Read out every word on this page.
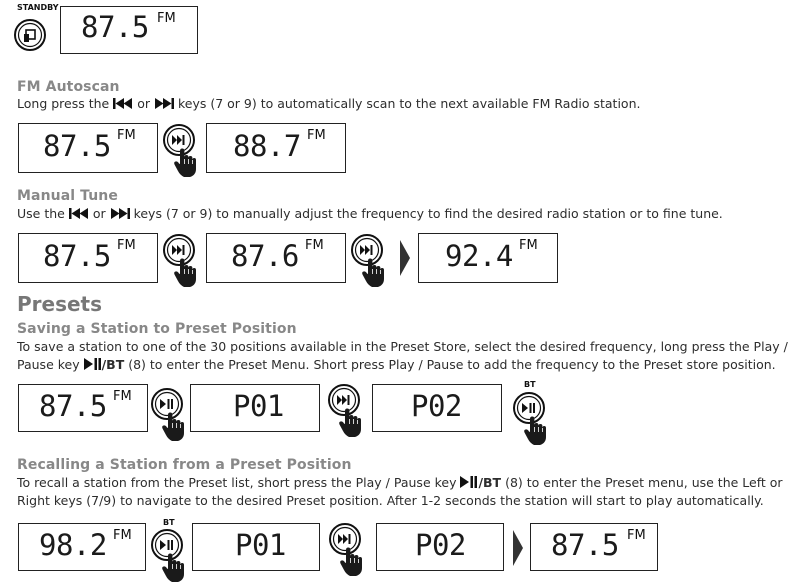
STANDBY
87.5 FM
FM Autoscan
Long press the or keys (7 or 9) to automatically scan to the next available FM Radio station.
87.5 FM	88.7 FM
Manual Tune
Use the or keys (7 or 9) to manually adjust the frequency to find the desired radio station or to fine tune.
87.5 FM	87.6 FM	92.4 FM
Presets
Saving a Station to Preset Position
To save a station to one of the 30 positions available in the Preset Store, select the desired frequency, long press the Play /
Pause key /BT (8) to enter the Preset Menu. Short press Play / Pause to add the frequency to the Preset store position.
87.5 FM	P01	P02
BT
Recalling a Station from a Preset Position
To recall a station from the Preset list, short press the Play / Pause key /BT (8) to enter the Preset menu, use the Left or
Right keys (7/9) to navigate to the desired Preset position. After 1-2 seconds the station will start to play automatically.
98.2 FM
BT
P01	P02	87.5 FM
